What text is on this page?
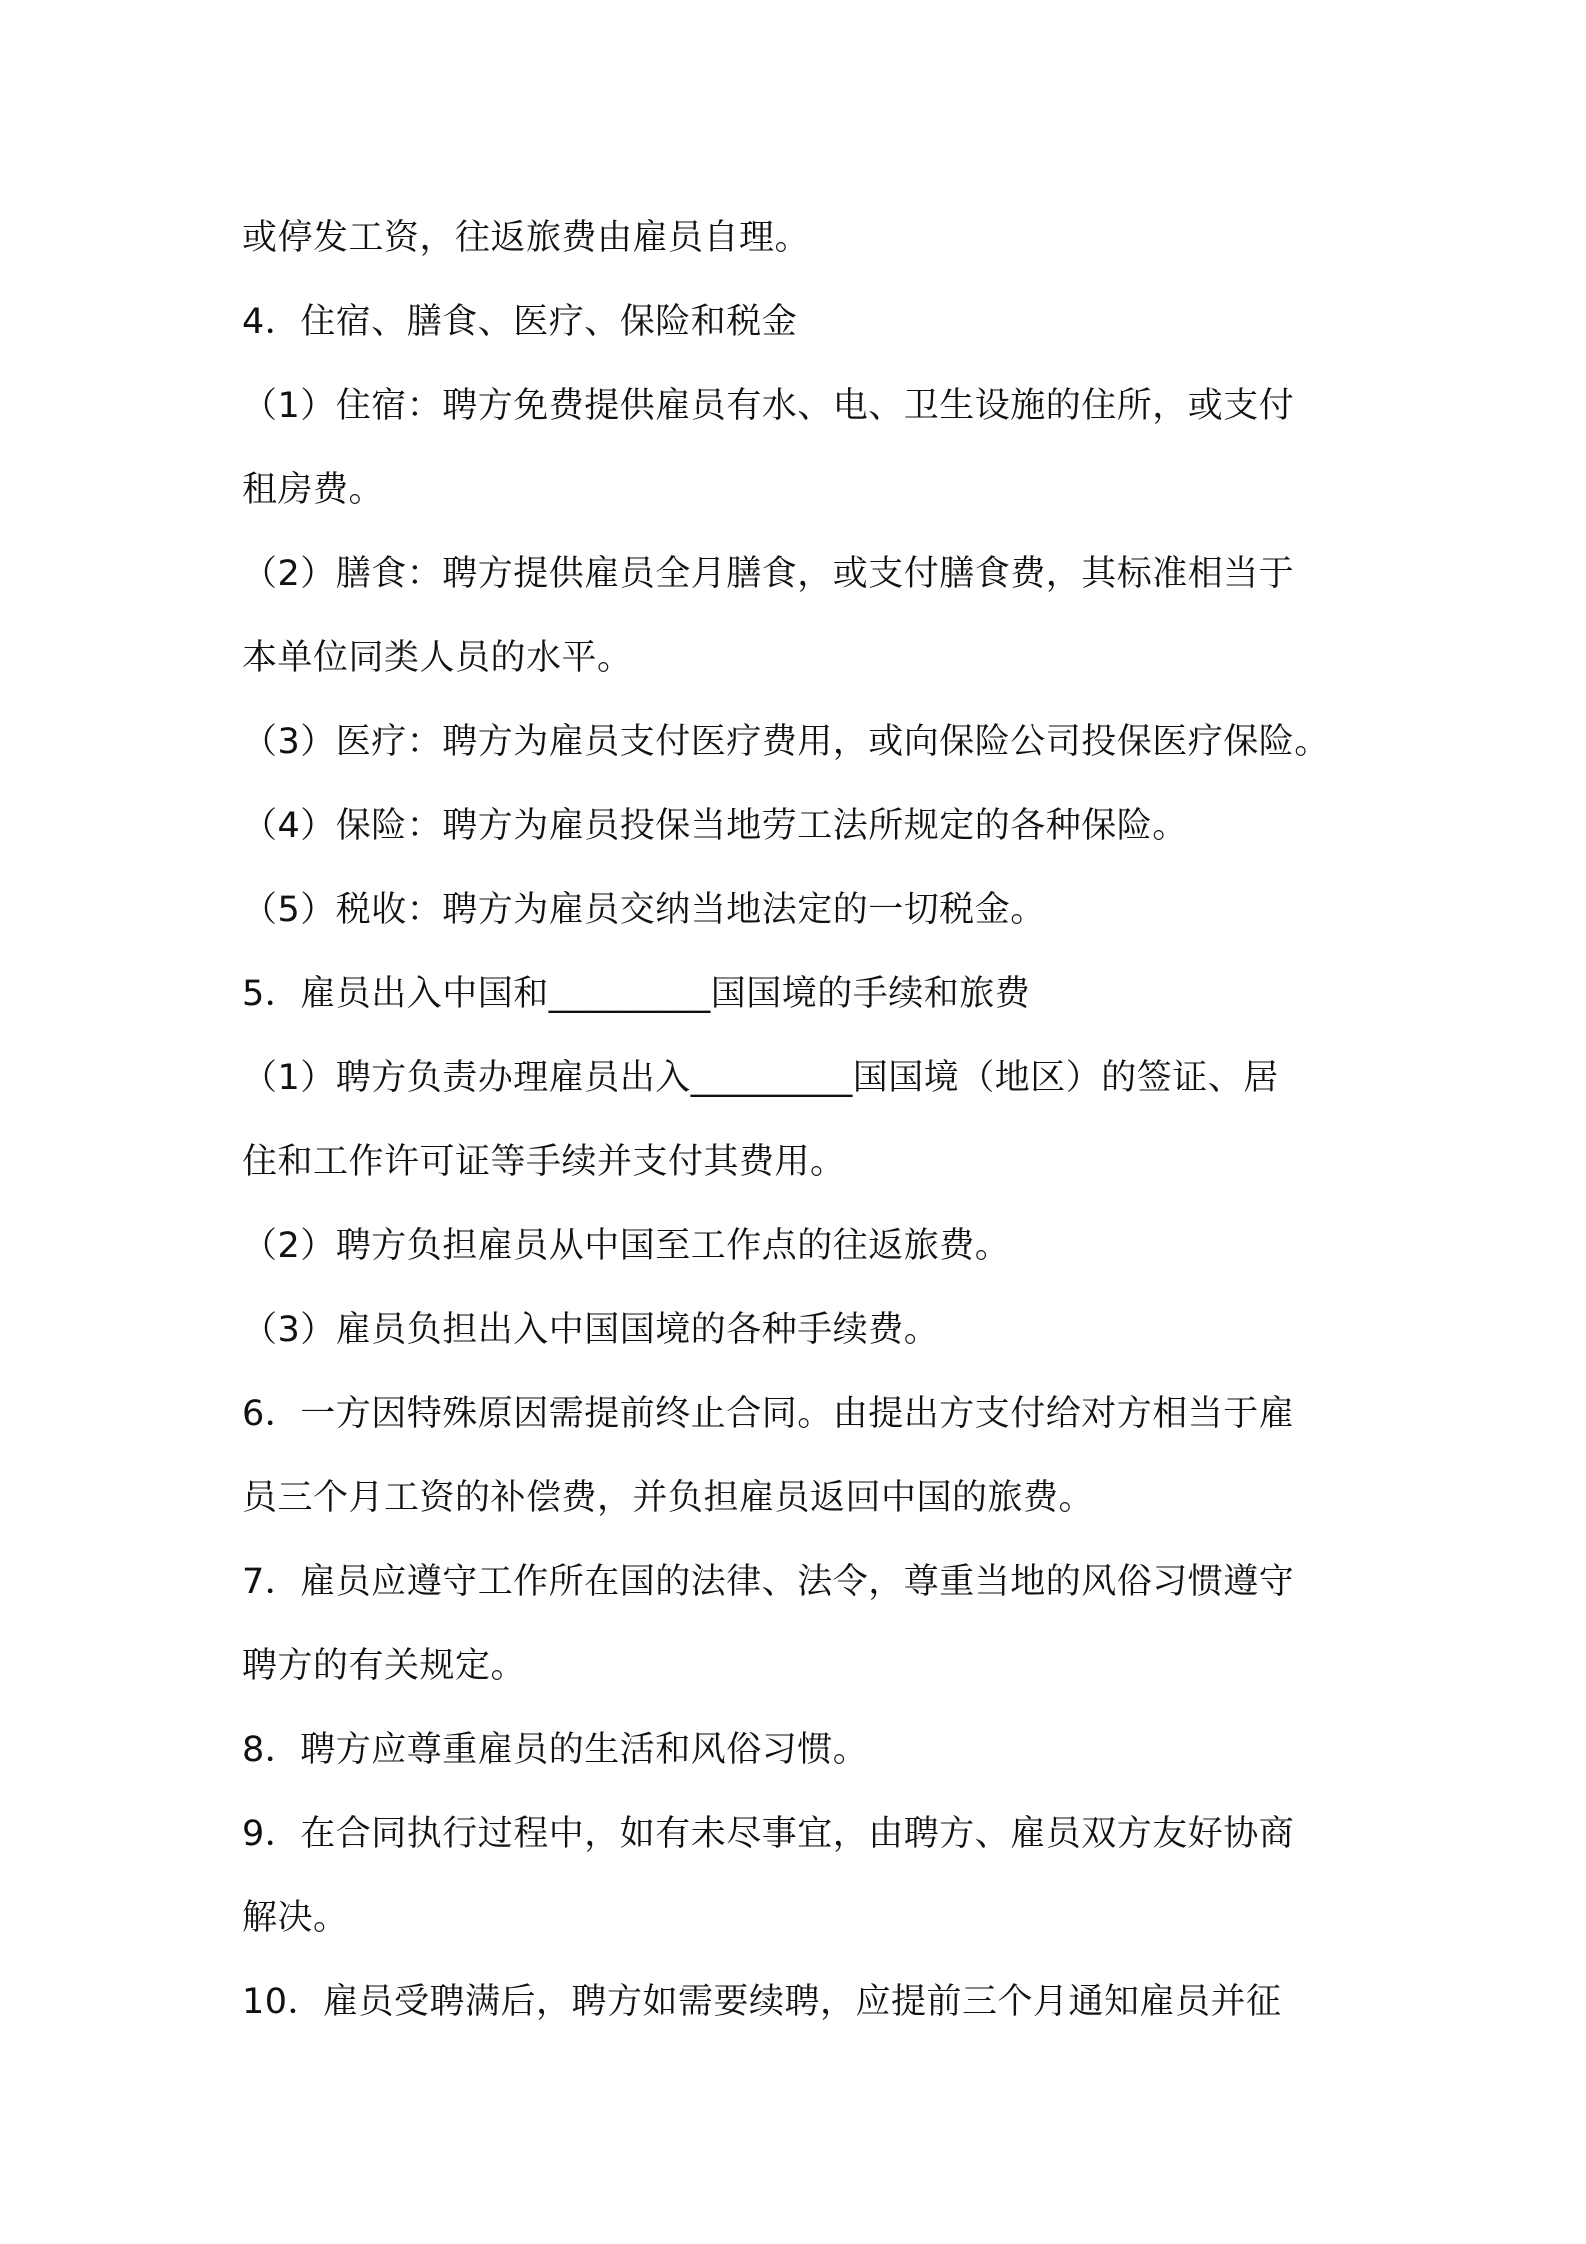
或停发工资，往返旅费由雇员自理。
4．住宿、膳食、医疗、保险和税金
（1）住宿：聘方免费提供雇员有水、电、卫生设施的住所，或支付
租房费。
（2）膳食：聘方提供雇员全月膳食，或支付膳食费，其标准相当于
本单位同类人员的水平。
（3）医疗：聘方为雇员支付医疗费用，或向保险公司投保医疗保险。
（4）保险：聘方为雇员投保当地劳工法所规定的各种保险。
（5）税收：聘方为雇员交纳当地法定的一切税金。
5．雇员出入中国和_________国国境的手续和旅费
（1）聘方负责办理雇员出入_________国国境（地区）的签证、居
住和工作许可证等手续并支付其费用。
（2）聘方负担雇员从中国至工作点的往返旅费。
（3）雇员负担出入中国国境的各种手续费。
6．一方因特殊原因需提前终止合同。由提出方支付给对方相当于雇
员三个月工资的补偿费，并负担雇员返回中国的旅费。
7．雇员应遵守工作所在国的法律、法令，尊重当地的风俗习惯遵守
聘方的有关规定。
8．聘方应尊重雇员的生活和风俗习惯。
9．在合同执行过程中，如有未尽事宜，由聘方、雇员双方友好协商
解决。
10．雇员受聘满后，聘方如需要续聘，应提前三个月通知雇员并征
